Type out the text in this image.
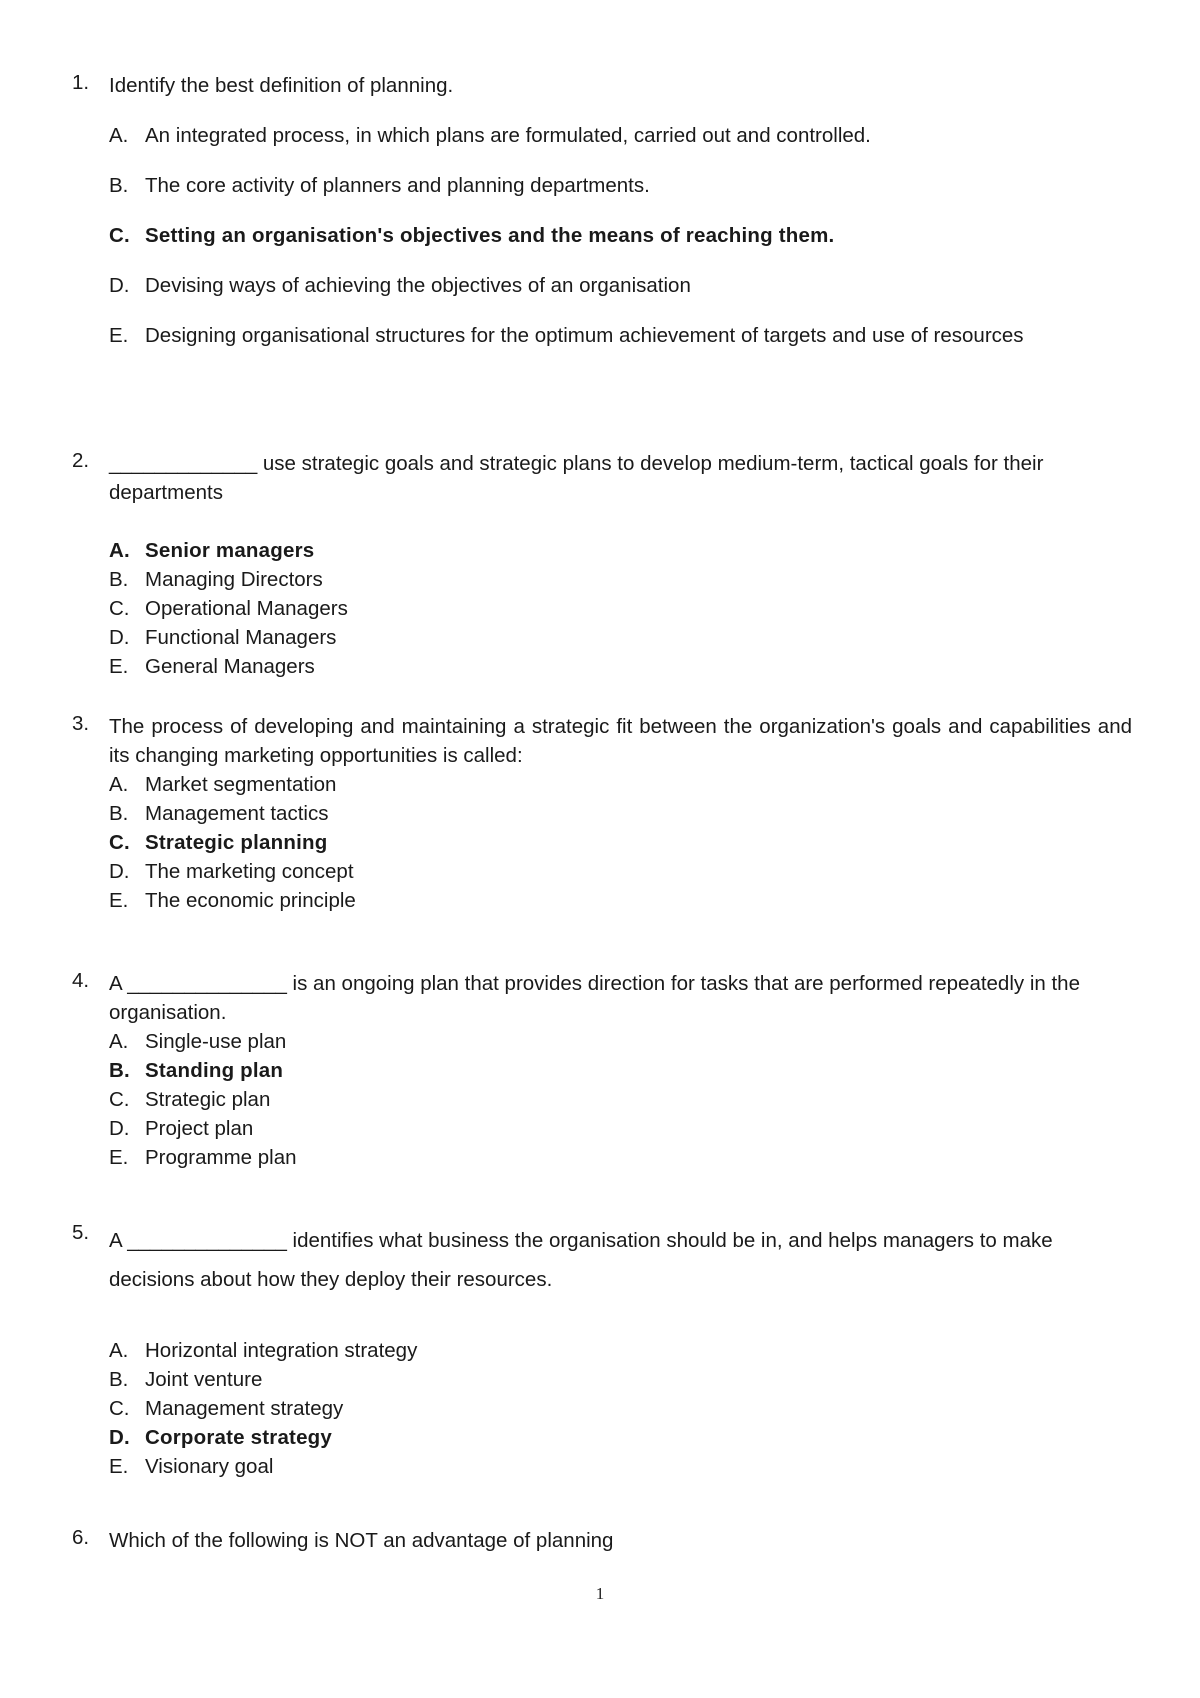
1. Identify the best definition of planning.
A. An integrated process, in which plans are formulated, carried out and controlled.
B. The core activity of planners and planning departments.
C. Setting an organisation's objectives and the means of reaching them.
D. Devising ways of achieving the objectives of an organisation
E. Designing organisational structures for the optimum achievement of targets and use of resources
2. _____________ use strategic goals and strategic plans to develop medium-term, tactical goals for their departments
A. Senior managers
B. Managing Directors
C. Operational Managers
D. Functional Managers
E. General Managers
3. The process of developing and maintaining a strategic fit between the organization's goals and capabilities and its changing marketing opportunities is called:
A. Market segmentation
B. Management tactics
C. Strategic planning
D. The marketing concept
E. The economic principle
4. A ______________ is an ongoing plan that provides direction for tasks that are performed repeatedly in the organisation.
A. Single-use plan
B. Standing plan
C. Strategic plan
D. Project plan
E. Programme plan
5. A ______________ identifies what business the organisation should be in, and helps managers to make decisions about how they deploy their resources.
A. Horizontal integration strategy
B. Joint venture
C. Management strategy
D. Corporate strategy
E. Visionary goal
6. Which of the following is NOT an advantage of planning
1
